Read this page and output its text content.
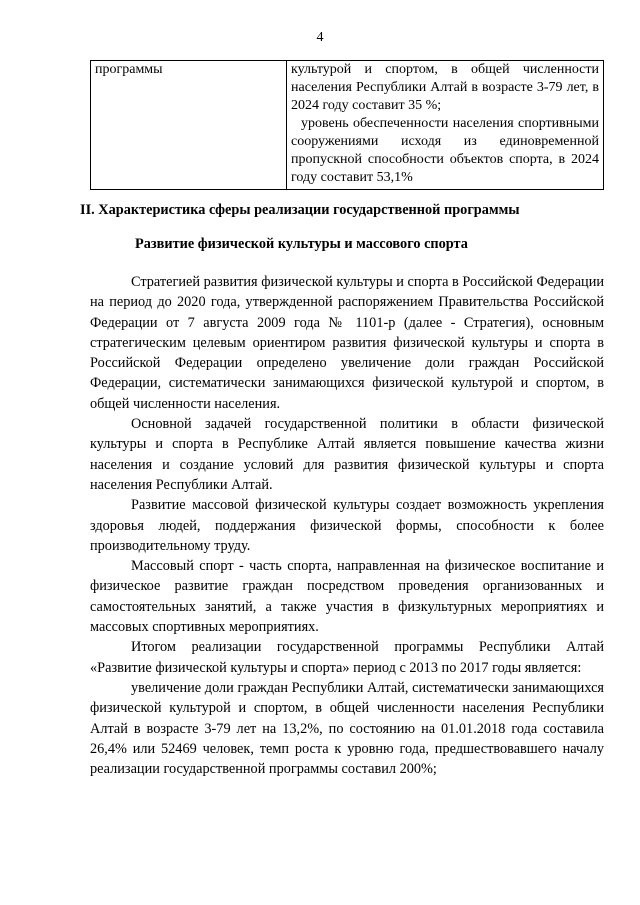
4
программы	культурой и спортом, в общей численности населения Республики Алтай в возрасте 3-79 лет, в 2024 году составит 35 %;
уровень обеспеченности населения спортивными сооружениями исходя из единовременной пропускной способности объектов спорта, в 2024 году составит 53,1%
II. Характеристика сферы реализации государственной программы
Развитие физической культуры и массового спорта

Стратегией развития физической культуры и спорта в Российской Федерации на период до 2020 года, утвержденной распоряжением Правительства Российской Федерации от 7 августа 2009 года № 1101-р (далее - Стратегия), основным стратегическим целевым ориентиром развития физической культуры и спорта в Российской Федерации определено увеличение доли граждан Российской Федерации, систематически занимающихся физической культурой и спортом, в общей численности населения.

Основной задачей государственной политики в области физической культуры и спорта в Республике Алтай является повышение качества жизни населения и создание условий для развития физической культуры и спорта населения Республики Алтай.

Развитие массовой физической культуры создает возможность укрепления здоровья людей, поддержания физической формы, способности к более производительному труду.

Массовый спорт - часть спорта, направленная на физическое воспитание и физическое развитие граждан посредством проведения организованных и самостоятельных занятий, а также участия в физкультурных мероприятиях и массовых спортивных мероприятиях.

Итогом реализации государственной программы Республики Алтай «Развитие физической культуры и спорта» период с 2013 по 2017 годы является:

увеличение доли граждан Республики Алтай, систематически занимающихся физической культурой и спортом, в общей численности населения Республики Алтай в возрасте 3-79 лет на 13,2%, по состоянию на 01.01.2018 года составила 26,4% или 52469 человек, темп роста к уровню года, предшествовавшего началу реализации государственной программы составил 200%;
